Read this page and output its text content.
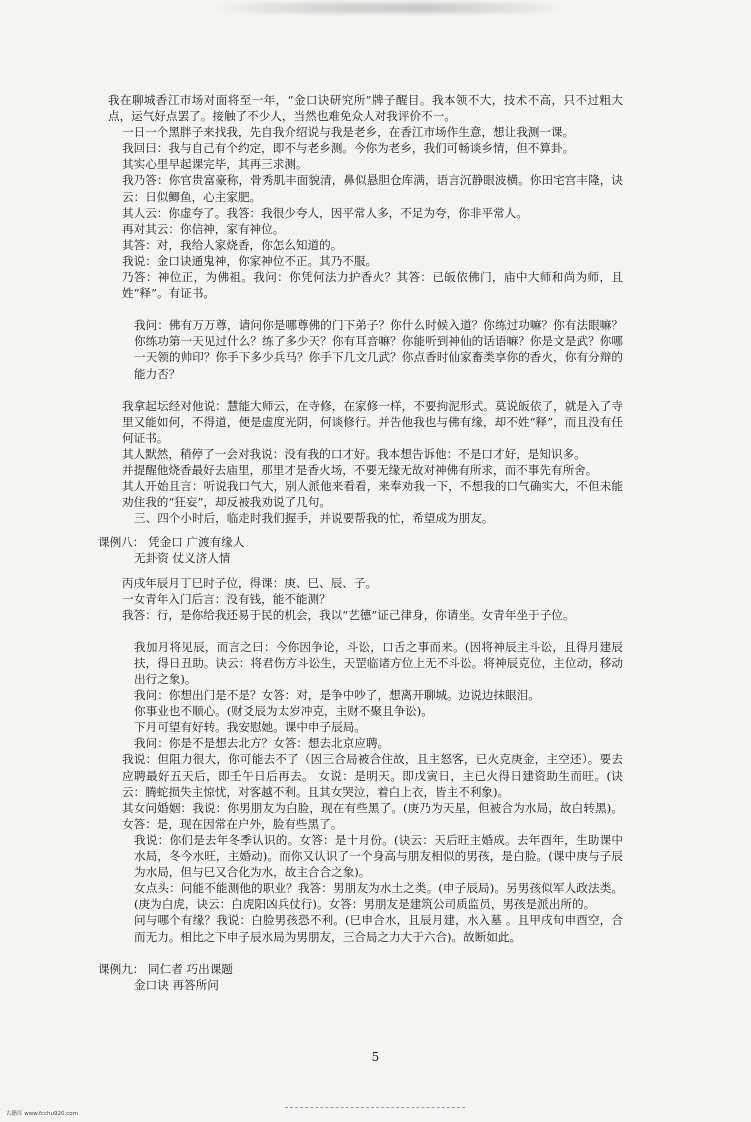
我在聊城香江市场对面将至一年，“金口诀研究所”牌子醒目。我本领不大，技术不高，只不过粗大点，运气好点罢了。接触了不少人，当然也难免众人对我评价不一。

一日一个黑胖子来找我，先自我介绍说与我是老乡，在香江市场作生意，想让我测一课。

我回曰：我与自己有个约定，即不与老乡测。今你为老乡，我们可畅谈乡情，但不算卦。

其实心里早起课完毕，其再三求测。

我乃答：你官贵富豪称，骨秀肌丰面貌清，鼻似悬胆仓库满，语言沉静眼波横。你田宅宫丰隆，诀云：日似鲫鱼，心主家肥。

其人云：你虚夸了。我答：我很少夸人，因平常人多，不足为夸，你非平常人。

再对其云：你信神，家有神位。

其答：对，我给人家烧香，你怎么知道的。

我说：金口诀通鬼神，你家神位不正。其乃不服。

乃答：神位正，为佛祖。我问：你凭何法力护香火？其答：已皈依佛门，庙中大师和尚为师，且姓“释”。有证书。

我问：佛有万万尊，请问你是哪尊佛的门下弟子？你什么时候入道？你练过功嘛？你有法眼嘛？你练功第一天见过什么？练了多少天？你有耳音嘛？你能听到神仙的话语嘛？你是文是武？你哪一天领的帅印？你手下多少兵马？你手下几文几武？你点香时仙家畜类享你的香火，你有分辩的能力否？

我拿起坛经对他说：慧能大师云，在寺修，在家修一样，不要拘泥形式。莫说皈依了，就是入了寺里又能如何，不得道，便是虚度光阴，何谈修行。并告他我也与佛有缘，却不姓“释”，而且没有任何证书。

其人默然，稍停了一会对我说：没有我的口才好。我本想告诉他：不是口才好，是知识多。

并提醒他烧香最好去庙里，那里才是香火场，不要无缘无故对神佛有所求，而不事先有所舍。

其人开始且言：听说我口气大，别人派他来看看，来奉劝我一下，不想我的口气确实大，不但未能劝住我的“狂妄”，却反被我劝说了几句。

三、四个小时后，临走时我们握手，并说要帮我的忙，希望成为朋友。

课例八： 凭金口 广渡有缘人

无卦资 仗义济人情

丙戌年辰月丁巳时子位，得课：庚、巳、辰、子。

一女青年入门后言：没有钱，能不能测？

我答：行，是你给我还易于民的机会，我以“艺德”证己律身，你请坐。女青年坐于子位。

我加月将见辰，而言之曰：今你因争论，斗讼，口舌之事而来。(因将神辰主斗讼，且得月建辰扶，得日丑助。诀云：将君伤方斗讼生，天罡临诸方位上无不斗讼。将神辰克位，主位动，移动出行之象)。

我问：你想出门是不是？女答：对，是争中吵了，想离开聊城。边说边抹眼泪。

你事业也不顺心。(财爻辰为太岁冲克，主财不聚且争讼)。

下月可望有好转。我安慰她。课中申子辰局。

我问：你是不是想去北方？女答：想去北京应聘。

我说：但阻力很大，你可能去不了（因三合局被合住故，且主怒客，已火克庚金，主空还）。要去应聘最好五天后，即壬午日后再去。 女说：是明天。即戊寅日，主已火得日建资助生而旺。(诀云：腾蛇损失主惊忧，对客越不利。且其女哭泣，着白上衣，皆主不利象)。

其女问婚姻：我说：你男朋友为白脸，现在有些黑了。(庚乃为天星，但被合为水局，故白转黑)。女答：是，现在因常在户外，脸有些黑了。

我说：你们是去年冬季认识的。女答：是十月份。(诀云：天后旺主婚成。去年酉年，生助课中水局，冬今水旺，主婚动)。而你又认识了一个身高与朋友相似的男孩，是白脸。(课中庚与子辰为水局，但与巳又合化为水，故主合合之象)。

女点头：问能不能测他的职业？我答：男朋友为水土之类。(申子辰局)。另男孩似军人政法类。(庚为白虎，诀云：白虎阳凶兵仗行)。女答：男朋友是建筑公司质监员，男孩是派出所的。

问与哪个有缘？我说：白脸男孩恐不利。(巳申合水，且辰月建，水入墓 。且甲戌旬申酉空，合而无力。相比之下申子辰水局为男朋友，三合局之力大于六合)。故断如此。

课例九： 同仁者 巧出课题

金口诀 再答所问

5
古籍库 www.fcchu920.com
